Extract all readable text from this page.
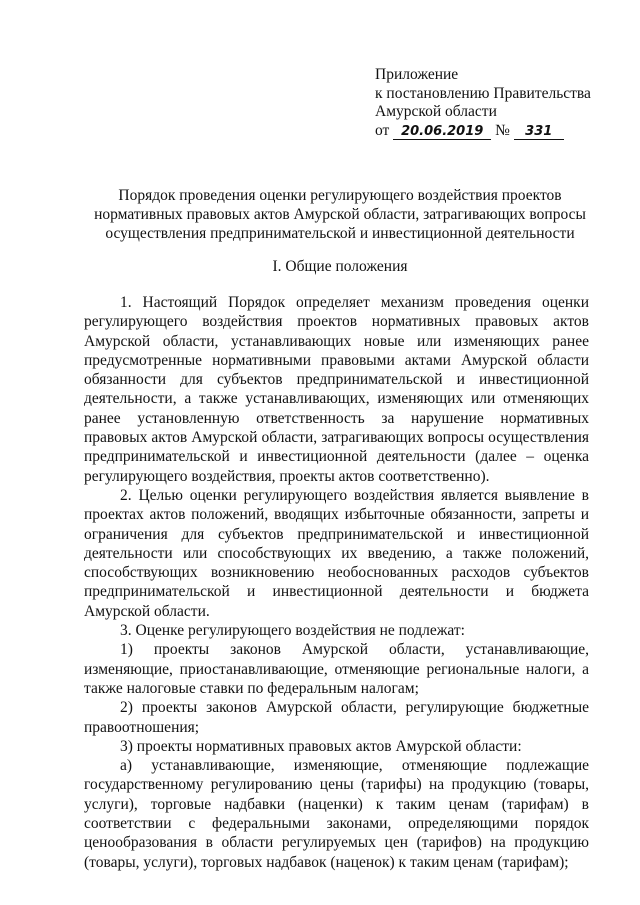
Приложение
к постановлению Правительства
Амурской области
от 20.06.2019 № 331
Порядок проведения оценки регулирующего воздействия проектов
нормативных правовых актов Амурской области, затрагивающих вопросы
осуществления предпринимательской и инвестиционной деятельности
I. Общие положения

1. Настоящий Порядок определяет механизм проведения оценки регулирующего воздействия проектов нормативных правовых актов Амурской области, устанавливающих новые или изменяющих ранее предусмотренные нормативными правовыми актами Амурской области обязанности для субъектов предпринимательской и инвестиционной деятельности, а также устанавливающих, изменяющих или отменяющих ранее установленную ответственность за нарушение нормативных правовых актов Амурской области, затрагивающих вопросы осуществления предпринимательской и инвестиционной деятельности (далее – оценка регулирующего воздействия, проекты актов соответственно).

2. Целью оценки регулирующего воздействия является выявление в проектах актов положений, вводящих избыточные обязанности, запреты и ограничения для субъектов предпринимательской и инвестиционной деятельности или способствующих их введению, а также положений, способствующих возникновению необоснованных расходов субъектов предпринимательской и инвестиционной деятельности и бюджета Амурской области.

3. Оценке регулирующего воздействия не подлежат:

1) проекты законов Амурской области, устанавливающие, изменяющие, приостанавливающие, отменяющие региональные налоги, а также налоговые ставки по федеральным налогам;

2) проекты законов Амурской области, регулирующие бюджетные правоотношения;

3) проекты нормативных правовых актов Амурской области:

а) устанавливающие, изменяющие, отменяющие подлежащие государственному регулированию цены (тарифы) на продукцию (товары, услуги), торговые надбавки (наценки) к таким ценам (тарифам) в соответствии с федеральными законами, определяющими порядок ценообразования в области регулируемых цен (тарифов) на продукцию (товары, услуги), торговых надбавок (наценок) к таким ценам (тарифам);
